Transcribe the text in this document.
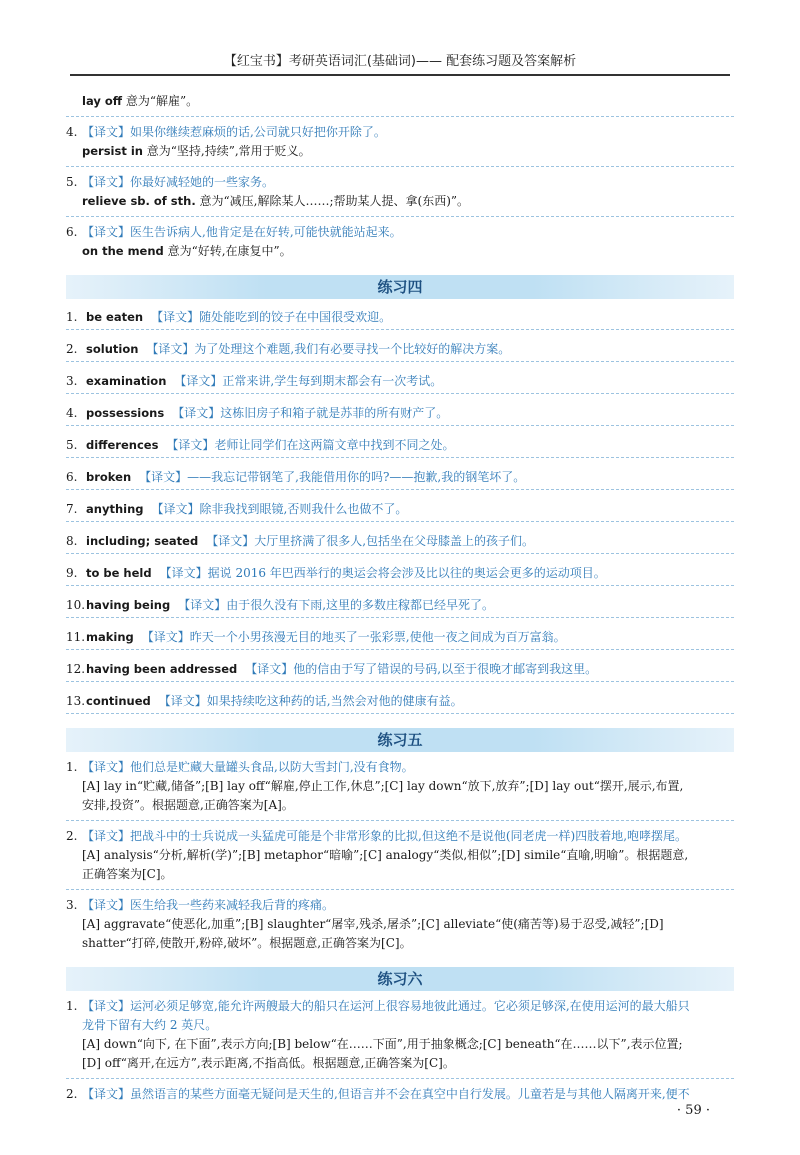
【红宝书】考研英语词汇(基础词)—— 配套练习题及答案解析
lay off 意为“解雇”。
4. 【译文】如果你继续惹麻烦的话,公司就只好把你开除了。
persist in 意为“坚持,持续”,常用于贬义。
5. 【译文】你最好减轻她的一些家务。
relieve sb. of sth. 意为“减压,解除某人……;帮助某人提、拿(东西)”。
6. 【译文】医生告诉病人,他肯定是在好转,可能快就能站起来。
on the mend 意为“好转,在康复中”。
练习四
1. be eaten 【译文】随处能吃到的饺子在中国很受欢迎。
2. solution 【译文】为了处理这个难题,我们有必要寻找一个比较好的解决方案。
3. examination 【译文】正常来讲,学生每到期末都会有一次考试。
4. possessions 【译文】这栋旧房子和箱子就是苏菲的所有财产了。
5. differences 【译文】老师让同学们在这两篇文章中找到不同之处。
6. broken 【译文】——我忘记带钢笔了,我能借用你的吗?——抱歉,我的钢笔坏了。
7. anything 【译文】除非我找到眼镜,否则我什么也做不了。
8. including; seated 【译文】大厅里挤满了很多人,包括坐在父母膝盖上的孩子们。
9. to be held 【译文】据说 2016 年巴西举行的奥运会将会涉及比以往的奥运会更多的运动项目。
10.having being 【译文】由于很久没有下雨,这里的多数庄稼都已经早死了。
11.making 【译文】昨天一个小男孩漫无目的地买了一张彩票,使他一夜之间成为百万富翁。
12.having been addressed 【译文】他的信由于写了错误的号码,以至于很晚才邮寄到我这里。
13.continued 【译文】如果持续吃这种药的话,当然会对他的健康有益。
练习五
1. 【译文】他们总是贮藏大量罐头食品,以防大雪封门,没有食物。
[A] lay in“贮藏,储备”;[B] lay off“解雇,停止工作,休息”;[C] lay down“放下,放弃”;[D] lay out“摆开,展示,布置,
安排,投资”。根据题意,正确答案为[A]。
2. 【译文】把战斗中的士兵说成一头猛虎可能是个非常形象的比拟,但这绝不是说他(同老虎一样)四肢着地,咆哮摆尾。
[A] analysis“分析,解析(学)”;[B] metaphor“暗喻”;[C] analogy“类似,相似”;[D] simile“直喻,明喻”。根据题意,
正确答案为[C]。
3. 【译文】医生给我一些药来减轻我后背的疼痛。
[A] aggravate“使恶化,加重”;[B] slaughter“屠宰,残杀,屠杀”;[C] alleviate“使(痛苦等)易于忍受,减轻”;[D]
shatter“打碎,使散开,粉碎,破坏”。根据题意,正确答案为[C]。
练习六
1. 【译文】运河必须足够宽,能允许两艘最大的船只在运河上很容易地彼此通过。它必须足够深,在使用运河的最大船只
龙骨下留有大约 2 英尺。
[A] down“向下, 在下面”,表示方向;[B] below“在……下面”,用于抽象概念;[C] beneath“在……以下”,表示位置;
[D] off“离开,在远方”,表示距离,不指高低。根据题意,正确答案为[C]。
2. 【译文】虽然语言的某些方面毫无疑问是天生的,但语言并不会在真空中自行发展。儿童若是与其他人隔离开来,便不
· 59 ·
